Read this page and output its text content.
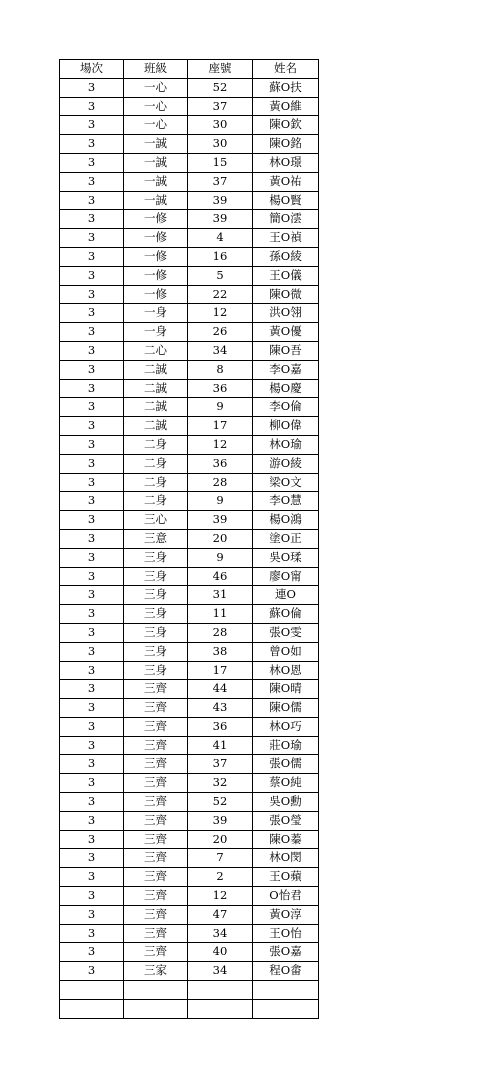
場次	班級	座號	姓名
3	一心	52	蘇O扶
3	一心	37	黃O維
3	一心	30	陳O欽
3	一誠	30	陳O銘
3	一誠	15	林O璟
3	一誠	37	黃O祐
3	一誠	39	楊O賢
3	一修	39	簡O澐
3	一修	4	王O禎
3	一修	16	孫O綾
3	一修	5	王O儀
3	一修	22	陳O微
3	一身	12	洪O翎
3	一身	26	黃O優
3	二心	34	陳O吾
3	二誠	8	李O嘉
3	二誠	36	楊O慶
3	二誠	9	李O倫
3	二誠	17	柳O偉
3	二身	12	林O瑜
3	二身	36	游O綾
3	二身	28	梁O文
3	二身	9	李O慧
3	三心	39	楊O鴻
3	三意	20	塗O正
3	三身	9	吳O瑈
3	三身	46	廖O甯
3	三身	31	連O
3	三身	11	蘇O倫
3	三身	28	張O雯
3	三身	38	曾O如
3	三身	17	林O恩
3	三齊	44	陳O晴
3	三齊	43	陳O儒
3	三齊	36	林O巧
3	三齊	41	莊O瑜
3	三齊	37	張O儒
3	三齊	32	蔡O純
3	三齊	52	吳O勳
3	三齊	39	張O瑩
3	三齊	20	陳O蓁
3	三齊	7	林O閔
3	三齊	2	王O蘋
3	三齊	12	O怡君
3	三齊	47	黃O淳
3	三齊	34	王O怡
3	三齊	40	張O嘉
3	三家	34	程O畬
